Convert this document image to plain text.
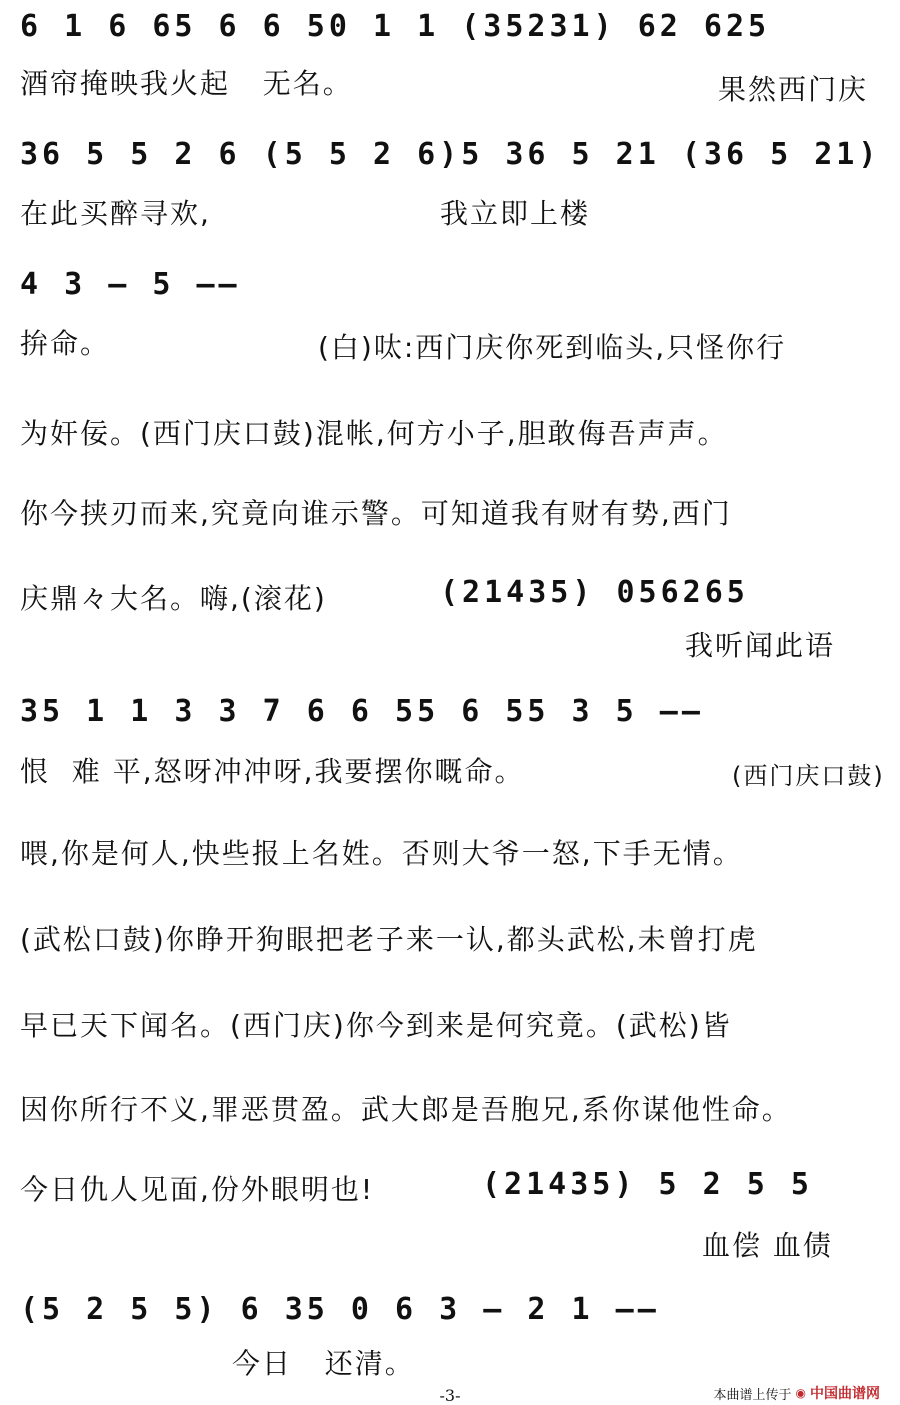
6 1 6 65 6 6 50 1 1 (35231) 62 625
酒帘掩映我火起   无名。	果然西门庆
36 5 5 2 6 (5 5 2 6)5 36 5 21 (36 5 21)
在此买醉寻欢,	我立即上楼
4 3 — 5 ——
拚命。	(白)呔:西门庆你死到临头,只怪你行
为奸佞。(西门庆口鼓)混帐,何方小子,胆敢侮吾声声。
你今挟刃而来,究竟向谁示警。可知道我有财有势,西门
庆鼎々大名。嗨,(滚花)	(21435) 056265
我听闻此语
35 1 1 3 3 7 6 6 55 6 55 3 5 ——
恨  难 平,怒呀冲冲呀,我要摆你嘅命。	(西门庆口鼓)
喂,你是何人,快些报上名姓。否则大爷一怒,下手无情。
(武松口鼓)你睁开狗眼把老子来一认,都头武松,未曾打虎
早已天下闻名。(西门庆)你今到来是何究竟。(武松)皆
因你所行不义,罪恶贯盈。武大郎是吾胞兄,系你谋他性命。
今日仇人见面,份外眼明也!	(21435) 5 2 5 5
血偿 血债
(5 2 5 5) 6 35 0 6 3 — 2 1 ——
今日   还清。
-3-	本曲谱上传于 ◉ 中国曲谱网
